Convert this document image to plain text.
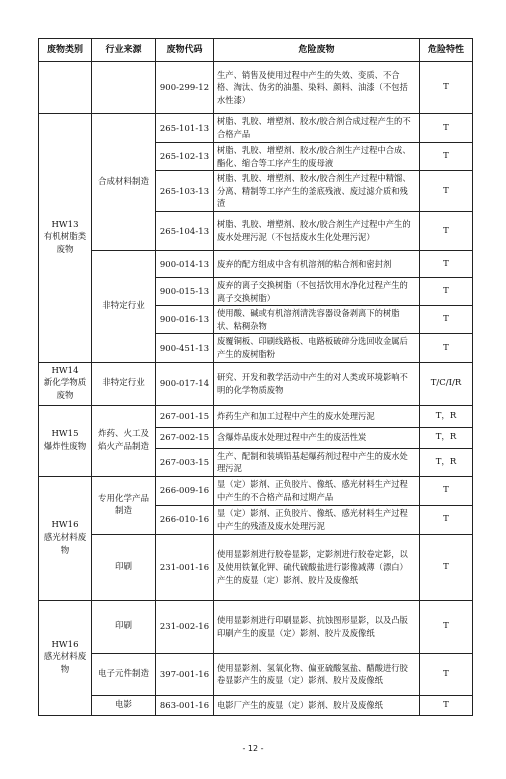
废物类别	行业来源	废物代码	危险废物	危险特性
		900-299-12	生产、销售及使用过程中产生的失效、变质、不合格、淘汰、伪劣的油墨、染料、颜料、油漆（不包括水性漆）	T
HW13
有机树脂类
废物	合成材料制造	265-101-13	树脂、乳胶、增塑剂、胶水/胶合剂合成过程产生的不合格产品	T
		265-102-13	树脂、乳胶、增塑剂、胶水/胶合剂生产过程中合成、酯化、缩合等工序产生的废母液	T
		265-103-13	树脂、乳胶、增塑剂、胶水/胶合剂生产过程中精馏、分离、精制等工序产生的釜底残液、废过滤介质和残渣	T
		265-104-13	树脂、乳胶、增塑剂、胶水/胶合剂生产过程中产生的废水处理污泥（不包括废水生化处理污泥）	T
	非特定行业	900-014-13	废弃的配方组成中含有机溶剂的粘合剂和密封剂	T
		900-015-13	废弃的离子交换树脂（不包括饮用水净化过程产生的离子交换树脂）	T
		900-016-13	使用酸、碱或有机溶剂清洗容器设备剥离下的树脂状、粘稠杂物	T
		900-451-13	废覆铜板、印刷线路板、电路板破碎分选回收金属后产生的废树脂粉	T
HW14
新化学物质
废物	非特定行业	900-017-14	研究、开发和教学活动中产生的对人类或环境影响不明的化学物质废物	T/C/I/R
HW15
爆炸性废物	炸药、火工及焰火产品制造	267-001-15	炸药生产和加工过程中产生的废水处理污泥	T，R
		267-002-15	含爆炸品废水处理过程中产生的废活性炭	T，R
		267-003-15	生产、配制和装填铅基起爆药剂过程中产生的废水处理污泥	T，R
HW16
感光材料废物	专用化学产品制造	266-009-16	显（定）影剂、正负胶片、像纸、感光材料生产过程中产生的不合格产品和过期产品	T
		266-010-16	显（定）影剂、正负胶片、像纸、感光材料生产过程中产生的残渣及废水处理污泥	T
	印刷	231-001-16	使用显影剂进行胶卷显影，定影剂进行胶卷定影，以及使用铁氰化钾、硫代硫酸盐进行影像减薄（漂白）产生的废显（定）影剂、胶片及废像纸	T
HW16
感光材料废物	印刷	231-002-16	使用显影剂进行印刷显影、抗蚀图形显影，以及凸版印刷产生的废显（定）影剂、胶片及废像纸	T
	电子元件制造	397-001-16	使用显影剂、氢氧化物、偏亚硫酸氢盐、醋酸进行胶卷显影产生的废显（定）影剂、胶片及废像纸	T
	电影	863-001-16	电影厂产生的废显（定）影剂、胶片及废像纸	T
- 12 -
